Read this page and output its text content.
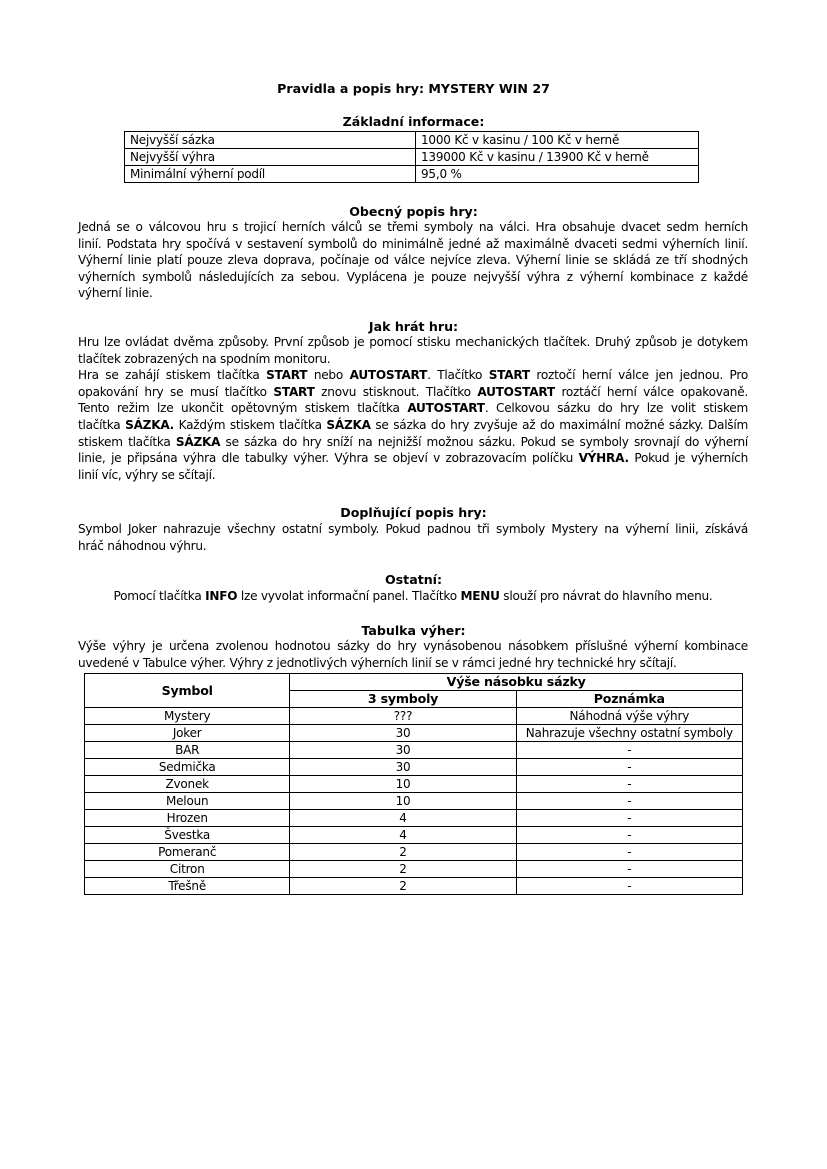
Pravidla a popis hry: MYSTERY WIN 27
Základní informace:
Nejvyšší sázka	1000 Kč v kasinu / 100 Kč v herně
Nejvyšší výhra	139000 Kč v kasinu / 13900 Kč v herně
Minimální výherní podíl	95,0 %
Obecný popis hry:
Jedná se o válcovou hru s trojicí herních válců se třemi symboly na válci. Hra obsahuje dvacet sedm herních
linií. Podstata hry spočívá v sestavení symbolů do minimálně jedné až maximálně dvaceti sedmi výherních linií.
Výherní linie platí pouze zleva doprava, počínaje od válce nejvíce zleva. Výherní linie se skládá ze tří shodných
výherních symbolů následujících za sebou. Vyplácena je pouze nejvyšší výhra z výherní kombinace z každé
výherní linie.
Jak hrát hru:
Hru lze ovládat dvěma způsoby. První způsob je pomocí stisku mechanických tlačítek. Druhý způsob je dotykem
tlačítek zobrazených na spodním monitoru.
Hra se zahájí stiskem tlačítka START nebo AUTOSTART. Tlačítko START roztočí herní válce jen jednou. Pro
opakování hry se musí tlačítko START znovu stisknout. Tlačítko AUTOSTART roztáčí herní válce opakovaně.
Tento režim lze ukončit opětovným stiskem tlačítka AUTOSTART. Celkovou sázku do hry lze volit stiskem
tlačítka SÁZKA. Každým stiskem tlačítka SÁZKA se sázka do hry zvyšuje až do maximální možné sázky. Dalším
stiskem tlačítka SÁZKA se sázka do hry sníží na nejnižší možnou sázku. Pokud se symboly srovnají do výherní
linie, je připsána výhra dle tabulky výher. Výhra se objeví v zobrazovacím políčku VÝHRA. Pokud je výherních
linií víc, výhry se sčítají.
Doplňující popis hry:
Symbol Joker nahrazuje všechny ostatní symboly. Pokud padnou tři symboly Mystery na výherní linii, získává
hráč náhodnou výhru.
Ostatní:
Pomocí tlačítka INFO lze vyvolat informační panel. Tlačítko MENU slouží pro návrat do hlavního menu.
Tabulka výher:
Výše výhry je určena zvolenou hodnotou sázky do hry vynásobenou násobkem příslušné výherní kombinace
uvedené v Tabulce výher. Výhry z jednotlivých výherních linií se v rámci jedné hry technické hry sčítají.
Symbol	Výše násobku sázky	
	3 symboly	Poznámka
Mystery	???	Náhodná výše výhry
Joker	30	Nahrazuje všechny ostatní symboly
BAR	30	-
Sedmička	30	-
Zvonek	10	-
Meloun	10	-
Hrozen	4	-
Švestka	4	-
Pomeranč	2	-
Citron	2	-
Třešně	2	-
